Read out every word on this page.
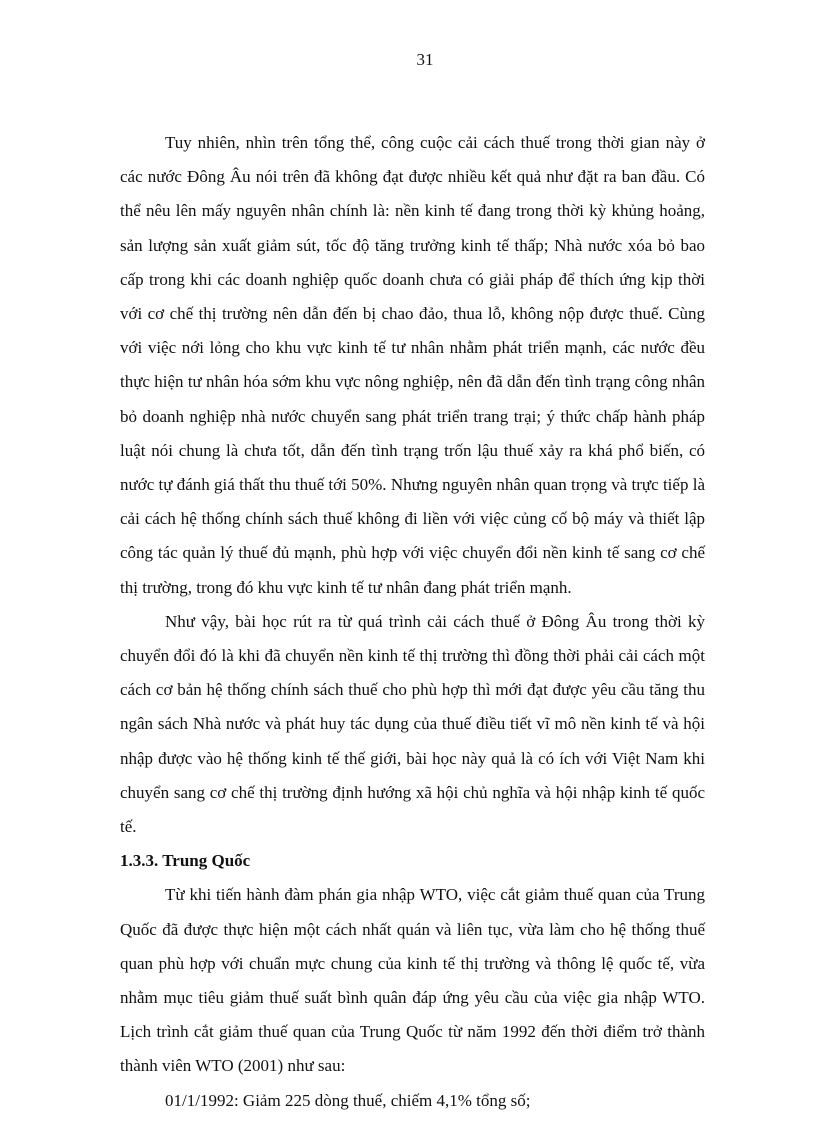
31

Tuy nhiên, nhìn trên tổng thể, công cuộc cải cách thuế trong thời gian này ở các nước Đông Âu nói trên đã không đạt được nhiều kết quả như đặt ra ban đầu. Có thể nêu lên mấy nguyên nhân chính là: nền kinh tế đang trong thời kỳ khủng hoảng, sản lượng sản xuất giảm sút, tốc độ tăng trưởng kinh tế thấp; Nhà nước xóa bỏ bao cấp trong khi các doanh nghiệp quốc doanh chưa có giải pháp để thích ứng kịp thời với cơ chế thị trường nên dẫn đến bị chao đảo, thua lỗ, không nộp được thuế. Cùng với việc nới lỏng cho khu vực kinh tế tư nhân nhằm phát triển mạnh, các nước đều thực hiện tư nhân hóa sớm khu vực nông nghiệp, nên đã dẫn đến tình trạng công nhân bỏ doanh nghiệp nhà nước chuyển sang phát triển trang trại; ý thức chấp hành pháp luật nói chung là chưa tốt, dẫn đến tình trạng trốn lậu thuế xảy ra khá phổ biến, có nước tự đánh giá thất thu thuế tới 50%. Nhưng nguyên nhân quan trọng và trực tiếp là cải cách hệ thống chính sách thuế không đi liền với việc củng cố bộ máy và thiết lập công tác quản lý thuế đủ mạnh, phù hợp với việc chuyển đổi nền kinh tế sang cơ chế thị trường, trong đó khu vực kinh tế tư nhân đang phát triển mạnh.

Như vậy, bài học rút ra từ quá trình cải cách thuế ở Đông Âu trong thời kỳ chuyển đổi đó là khi đã chuyển nền kinh tế thị trường thì đồng thời phải cải cách một cách cơ bản hệ thống chính sách thuế cho phù hợp thì mới đạt được yêu cầu tăng thu ngân sách Nhà nước và phát huy tác dụng của thuế điều tiết vĩ mô nền kinh tế và hội nhập được vào hệ thống kinh tế thế giới, bài học này quả là có ích với Việt Nam khi chuyển sang cơ chế thị trường định hướng xã hội chủ nghĩa và hội nhập kinh tế quốc tế.

1.3.3. Trung Quốc

Từ khi tiến hành đàm phán gia nhập WTO, việc cắt giảm thuế quan của Trung Quốc đã được thực hiện một cách nhất quán và liên tục, vừa làm cho hệ thống thuế quan phù hợp với chuẩn mực chung của kinh tế thị trường và thông lệ quốc tế, vừa nhằm mục tiêu giảm thuế suất bình quân đáp ứng yêu cầu của việc gia nhập WTO. Lịch trình cắt giảm thuế quan của Trung Quốc từ năm 1992 đến thời điểm trở thành thành viên WTO (2001) như sau:

01/1/1992: Giảm 225 dòng thuế, chiếm 4,1% tổng số;
